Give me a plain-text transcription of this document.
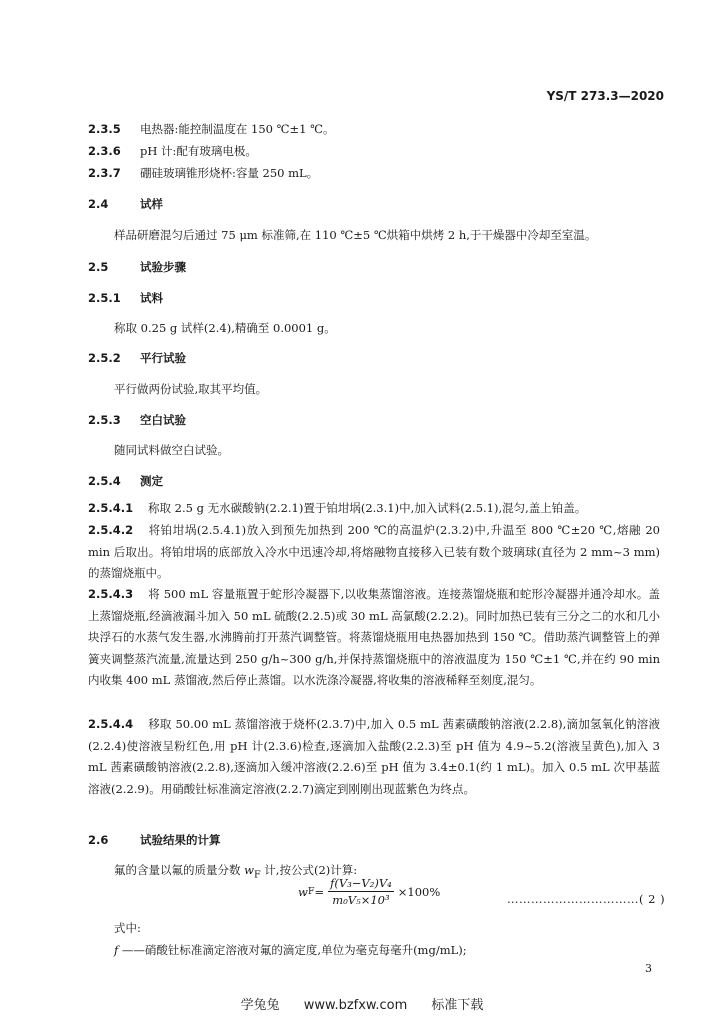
YS/T 273.3—2020
2.3.5 电热器:能控制温度在 150 ℃±1 ℃。
2.3.6 pH 计:配有玻璃电极。
2.3.7 硼硅玻璃锥形烧杯:容量 250 mL。
2.4	试样
样品研磨混匀后通过 75 μm 标准筛,在 110 ℃±5 ℃烘箱中烘烤 2 h,于干燥器中冷却至室温。
2.5	试验步骤
2.5.1 试料
称取 0.25 g 试样(2.4),精确至 0.0001 g。
2.5.2 平行试验
平行做两份试验,取其平均值。
2.5.3 空白试验
随同试料做空白试验。
2.5.4 测定
2.5.4.1 称取 2.5 g 无水碳酸钠(2.2.1)置于铂坩埚(2.3.1)中,加入试料(2.5.1),混匀,盖上铂盖。
2.5.4.2 将铂坩埚(2.5.4.1)放入到预先加热到 200 ℃的高温炉(2.3.2)中,升温至 800 ℃±20 ℃,熔融 20 min 后取出。将铂坩埚的底部放入冷水中迅速冷却,将熔融物直接移入已装有数个玻璃球(直径为 2 mm~3 mm)的蒸馏烧瓶中。
2.5.4.3 将 500 mL 容量瓶置于蛇形冷凝器下,以收集蒸馏溶液。连接蒸馏烧瓶和蛇形冷凝器并通冷却水。盖上蒸馏烧瓶,经滴液漏斗加入 50 mL 硫酸(2.2.5)或 30 mL 高氯酸(2.2.2)。同时加热已装有三分之二的水和几小块浮石的水蒸气发生器,水沸腾前打开蒸汽调整管。将蒸馏烧瓶用电热器加热到 150 ℃。借助蒸汽调整管上的弹簧夹调整蒸汽流量,流量达到 250 g/h~300 g/h,并保持蒸馏烧瓶中的溶液温度为 150 ℃±1 ℃,并在约 90 min 内收集 400 mL 蒸馏液,然后停止蒸馏。以水洗涤冷凝器,将收集的溶液稀释至刻度,混匀。
2.5.4.4 移取 50.00 mL 蒸馏溶液于烧杯(2.3.7)中,加入 0.5 mL 茜素磺酸钠溶液(2.2.8),滴加氢氧化钠溶液(2.2.4)使溶液呈粉红色,用 pH 计(2.3.6)检查,逐滴加入盐酸(2.2.3)至 pH 值为 4.9~5.2(溶液呈黄色),加入 3 mL 茜素磺酸钠溶液(2.2.8),逐滴加入缓冲溶液(2.2.6)至 pH 值为 3.4±0.1(约 1 mL)。加入 0.5 mL 次甲基蓝溶液(2.2.9)。用硝酸钍标准滴定溶液(2.2.7)滴定到刚刚出现蓝紫色为终点。
2.6	试验结果的计算
氟的含量以氟的质量分数 $w_F$ 计,按公式(2)计算:
w $F = \frac{\text{f(V₃−V₂)V₄}}{\text{m₀V₅×10³}} \times 100\%$
……………………………( 2 )
式中:
f ——硝酸钍标准滴定溶液对氟的滴定度,单位为毫克每毫升(mg/mL);
3
学兔兔 www.bzfxw.com 标准下载
